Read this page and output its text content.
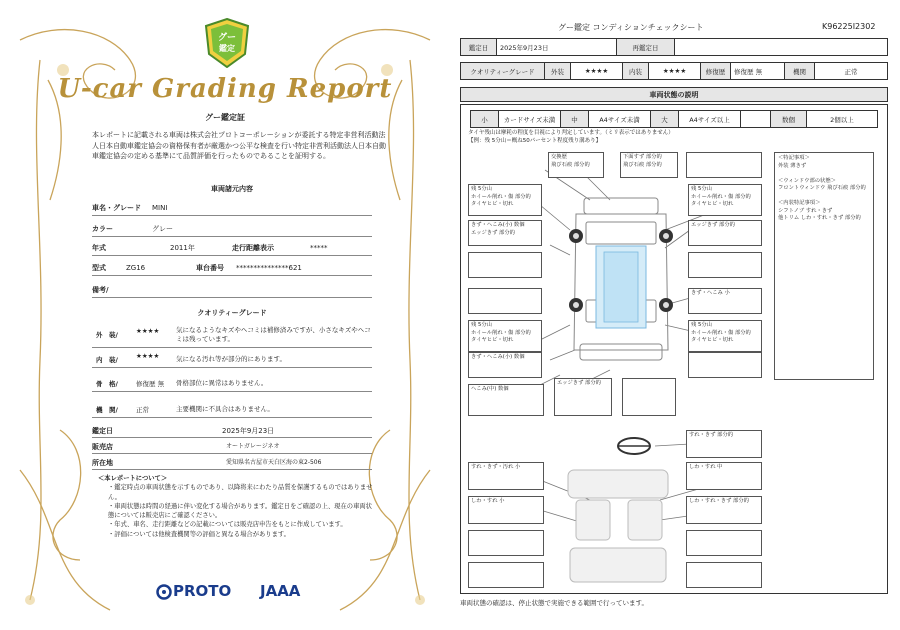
グー
鑑定
U-car Grading Report
グー鑑定証
本レポートに記載される車両は株式会社プロトコーポレーションが委託する特定非営利活動法人日本自動車鑑定協会の資格保有者が厳選かつ公平な検査を行い特定非営利活動法人日本自動車鑑定協会の定める基準にて品質評価を行ったものであることを証明する。
車両諸元内容
車名・グレード MINI
カラー	グレー
年式	2011年	走行距離表示	*****
型式	ZG16	車台番号 ***************621
備考/
クオリティーグレード
外　装/	★★★★	気になるようなキズやヘコミは補修済みですが、小さなキズやヘコミは残っています。
内　装/	★★★★	気になる汚れ等が部分的にあります。
骨　格/	修復歴 無 骨格部位に異常はありません。
機　関/	正常	主要機関に不具合はありません。
鑑定日	2025年9月23日
販売店	オートガレージネオ
所在地	愛知県名古屋市天白区海の東2-506
＜本レポートについて＞
・鑑定時点の車両状態を示すものであり、以降将来にわたり品質を保護するものではありません。
・車両状態は時間の経過に伴い変化する場合があります。鑑定日をご確認の上、現在の車両状態については販売店にご確認ください。
・年式、車名、走行距離などの記載については販売店申告をもとに作成しています。
・評価については他検査機関等の評価と異なる場合があります。
PROTO JAAA
グー鑑定 コンディションチェックシート	K96225I2302
鑑定日	2025年9月23日	再鑑定日	
クオリティーグレード	外装	★★★★	内装	★★★★	修復歴	修復歴 無	機関	正常
車両状態の説明
小	カードサイズ未満	中	A4サイズ未満	大	A4サイズ以上		数個	2個以上
タイヤ残山は摩耗の程度を目視により判定しています。（ミリ表示ではありません）
【例：残 5分山＝概ね50パーセント程度残り溝あり】
交換歴
飛び石痕 部分的
下面すず 部分的
飛び石痕 部分的
残 5分山
ホイール削れ・傷 部分的
タイヤヒビ・切れ
残 5分山
ホイール削れ・傷 部分的
タイヤヒビ・切れ
きず・へこみ(小) 数個
エッジきず 部分的
エッジきず 部分的
きず・へこみ 小
残 5分山
ホイール削れ・傷 部分的
タイヤヒビ・切れ
残 5分山
ホイール削れ・傷 部分的
タイヤヒビ・切れ
きず・へこみ(小) 数個
エッジきず 部分的
へこみ(中) 数個
すれ・きず 部分的
すれ・きず・汚れ 小	しわ・すれ 中
しわ・すれ 小	しわ・すれ・きず 部分的
＜特記事項＞
外装 薄きず

＜ウィンドウ部の状態＞
フロントウィンドウ 飛び石痕 部分的

＜内装特記事項＞
シフトノブ すれ・きず
他トリム しわ・すれ・きず 部分的
車両状態の確認は、停止状態で実施できる範囲で行っています。
